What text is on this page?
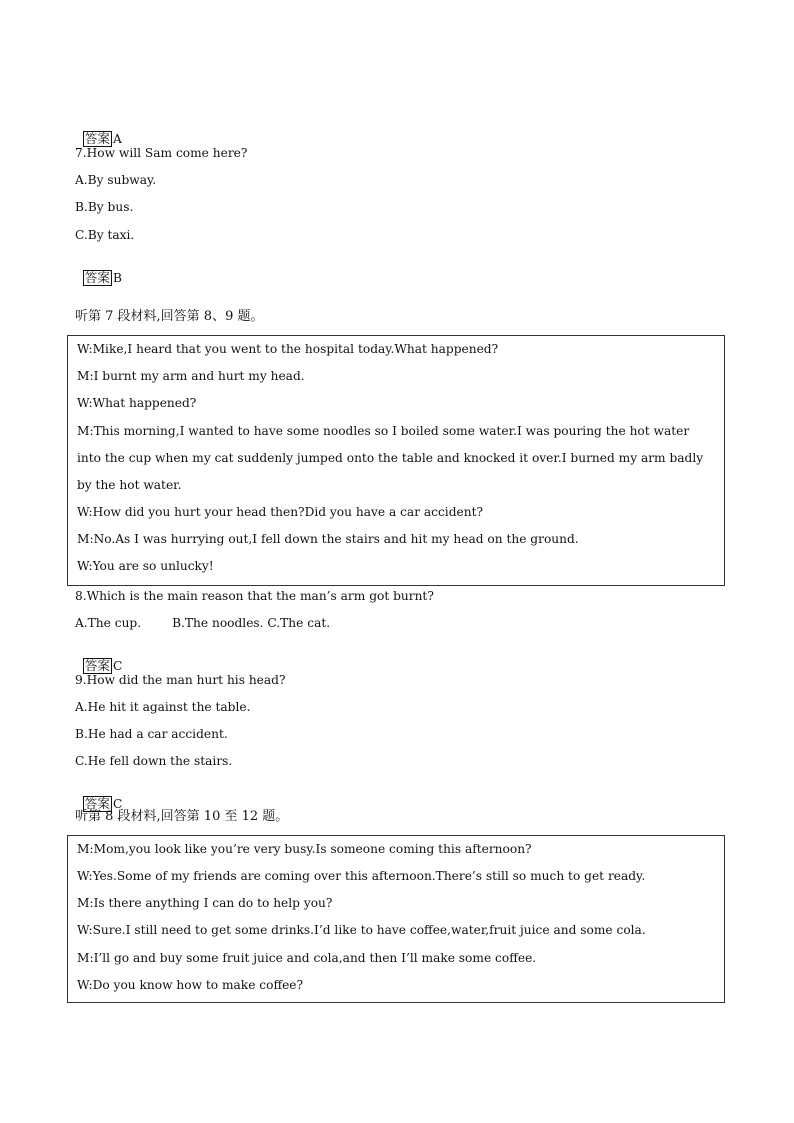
答案 A

7.How will Sam come here?
A.By subway.
B.By bus.
C.By taxi.

答案 B

听第 7 段材料,回答第 8、9 题。
W:Mike,I heard that you went to the hospital today.What happened?
M:I burnt my arm and hurt my head.
W:What happened?
M:This morning,I wanted to have some noodles so I boiled some water.I was pouring the hot water
into the cup when my cat suddenly jumped onto the table and knocked it over.I burned my arm badly
by the hot water.
W:How did you hurt your head then?Did you have a car accident?
M:No.As I was hurrying out,I fell down the stairs and hit my head on the ground.
W:You are so unlucky!
8.Which is the main reason that the man’s arm got burnt?
A.The cup.        B.The noodles. C.The cat.

答案 C

9.How did the man hurt his head?
A.He hit it against the table.
B.He had a car accident.
C.He fell down the stairs.

答案 C

听第 8 段材料,回答第 10 至 12 题。
M:Mom,you look like you’re very busy.Is someone coming this afternoon?
W:Yes.Some of my friends are coming over this afternoon.There’s still so much to get ready.
M:Is there anything I can do to help you?
W:Sure.I still need to get some drinks.I’d like to have coffee,water,fruit juice and some cola.
M:I’ll go and buy some fruit juice and cola,and then I’ll make some coffee.
W:Do you know how to make coffee?
